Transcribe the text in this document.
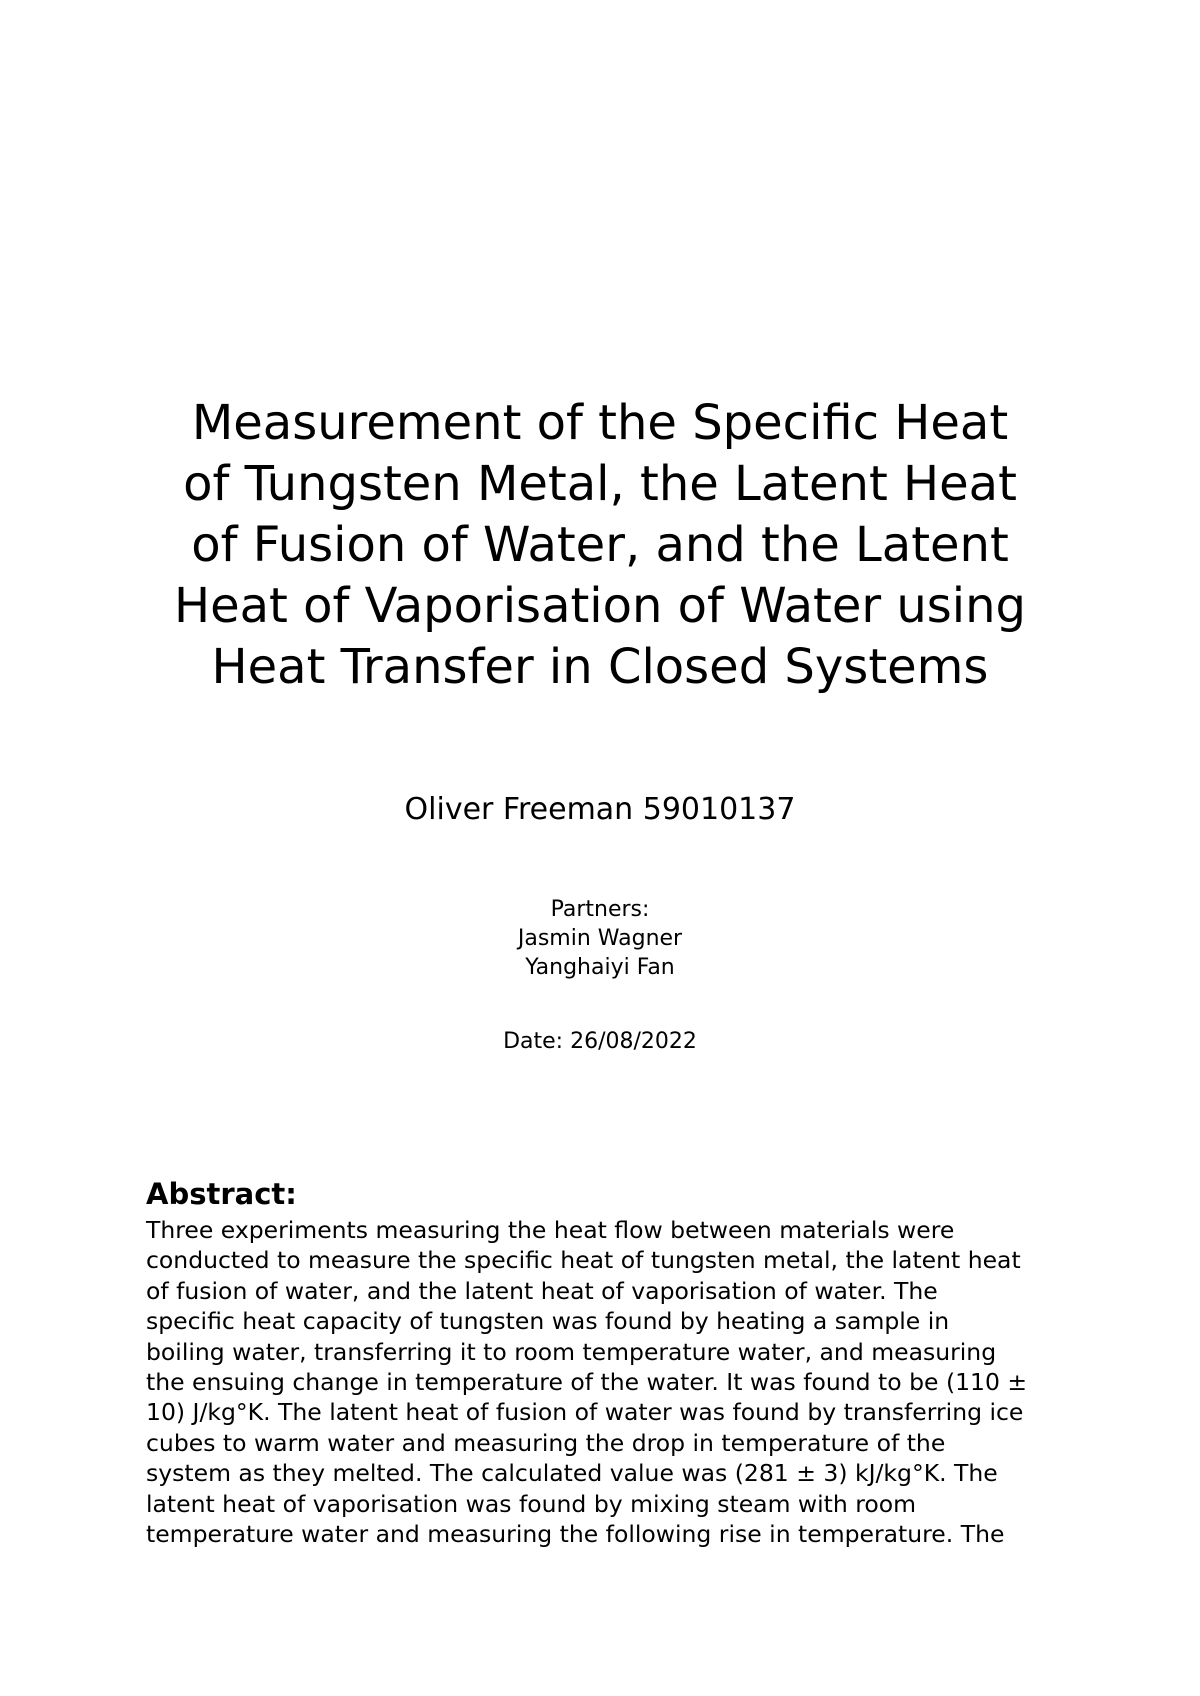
Measurement of the Specific Heat
of Tungsten Metal, the Latent Heat
of Fusion of Water, and the Latent
Heat of Vaporisation of Water using
Heat Transfer in Closed Systems
Oliver Freeman 59010137
Partners:
Jasmin Wagner
Yanghaiyi Fan
Date: 26/08/2022
Abstract:
Three experiments measuring the heat flow between materials were
conducted to measure the specific heat of tungsten metal, the latent heat
of fusion of water, and the latent heat of vaporisation of water. The
specific heat capacity of tungsten was found by heating a sample in
boiling water, transferring it to room temperature water, and measuring
the ensuing change in temperature of the water. It was found to be (110 ±
10) J/kg°K. The latent heat of fusion of water was found by transferring ice
cubes to warm water and measuring the drop in temperature of the
system as they melted. The calculated value was (281 ± 3) kJ/kg°K. The
latent heat of vaporisation was found by mixing steam with room
temperature water and measuring the following rise in temperature. The
